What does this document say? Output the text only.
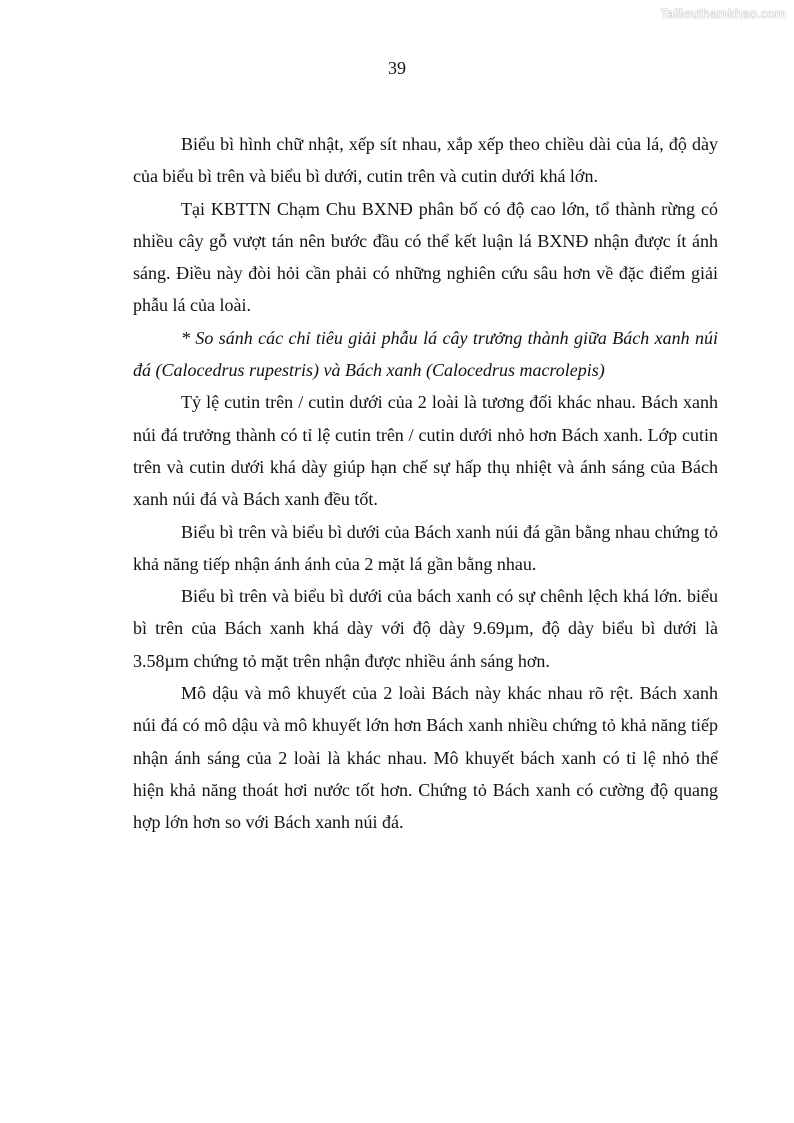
Tailieuthamkhao.com
39

Biểu bì hình chữ nhật, xếp sít nhau, xắp xếp theo chiều dài của lá, độ dày của biểu bì trên và biểu bì dưới, cutin trên và cutin dưới khá lớn.

Tại KBTTN Chạm Chu BXNĐ phân bố có độ cao lớn, tổ thành rừng có nhiều cây gỗ vượt tán nên bước đầu có thể kết luận lá BXNĐ nhận được ít ánh sáng. Điều này đòi hỏi cần phải có những nghiên cứu sâu hơn về đặc điểm giải phẫu lá của loài.

* So sánh các chỉ tiêu giải phẫu lá cây trưởng thành giữa Bách xanh núi đá (Calocedrus rupestris) và Bách xanh (Calocedrus macrolepis)

Tỷ lệ cutin trên / cutin dưới của 2 loài là tương đối khác nhau. Bách xanh núi đá trưởng thành có tỉ lệ cutin trên / cutin dưới nhỏ hơn Bách xanh. Lớp cutin trên và cutin dưới khá dày giúp hạn chế sự hấp thụ nhiệt và ánh sáng của Bách xanh núi đá và Bách xanh đều tốt.

Biểu bì trên và biểu bì dưới của Bách xanh núi đá gần bằng nhau chứng tỏ khả năng tiếp nhận ánh ánh của 2 mặt lá gần bằng nhau.

Biểu bì trên và biểu bì dưới của bách xanh có sự chênh lệch khá lớn. biểu bì trên của Bách xanh khá dày với độ dày 9.69µm, độ dày biểu bì dưới là 3.58µm chứng tỏ mặt trên nhận được nhiều ánh sáng hơn.

Mô dậu và mô khuyết của 2 loài Bách này khác nhau rõ rệt. Bách xanh núi đá có mô dậu và mô khuyết lớn hơn Bách xanh nhiều chứng tỏ khả năng tiếp nhận ánh sáng của 2 loài là khác nhau. Mô khuyết bách xanh có tỉ lệ nhỏ thể hiện khả năng thoát hơi nước tốt hơn. Chứng tỏ Bách xanh có cường độ quang hợp lớn hơn so với Bách xanh núi đá.
